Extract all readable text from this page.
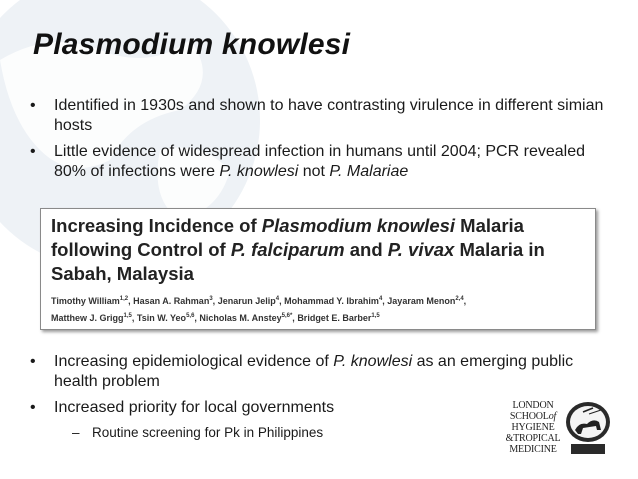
Plasmodium knowlesi
• Identified in 1930s and shown to have contrasting virulence in different simian hosts
• Little evidence of widespread infection in humans until 2004; PCR revealed 80% of infections were P. knowlesi not P. Malariae
Increasing Incidence of Plasmodium knowlesi Malaria following Control of P. falciparum and P. vivax Malaria in Sabah, Malaysia
Timothy William$^{1,2}$, Hasan A. Rahman$^3$, Jenarun Jelip$^4$, Mohammad Y. Ibrahim$^4$, Jayaram Menon$^{2,4}$,
Matthew J. Grigg$^{1,5}$, Tsin W. Yeo$^{5,6}$, Nicholas M. Anstey$^{5,6*}$, Bridget E. Barber$^{1,5}$
• Increasing epidemiological evidence of P. knowlesi as an emerging public health problem
• Increased priority for local governments
– Routine screening for Pk in Philippines
LONDON
SCHOOLof
HYGIENE
&TROPICAL
MEDICINE
